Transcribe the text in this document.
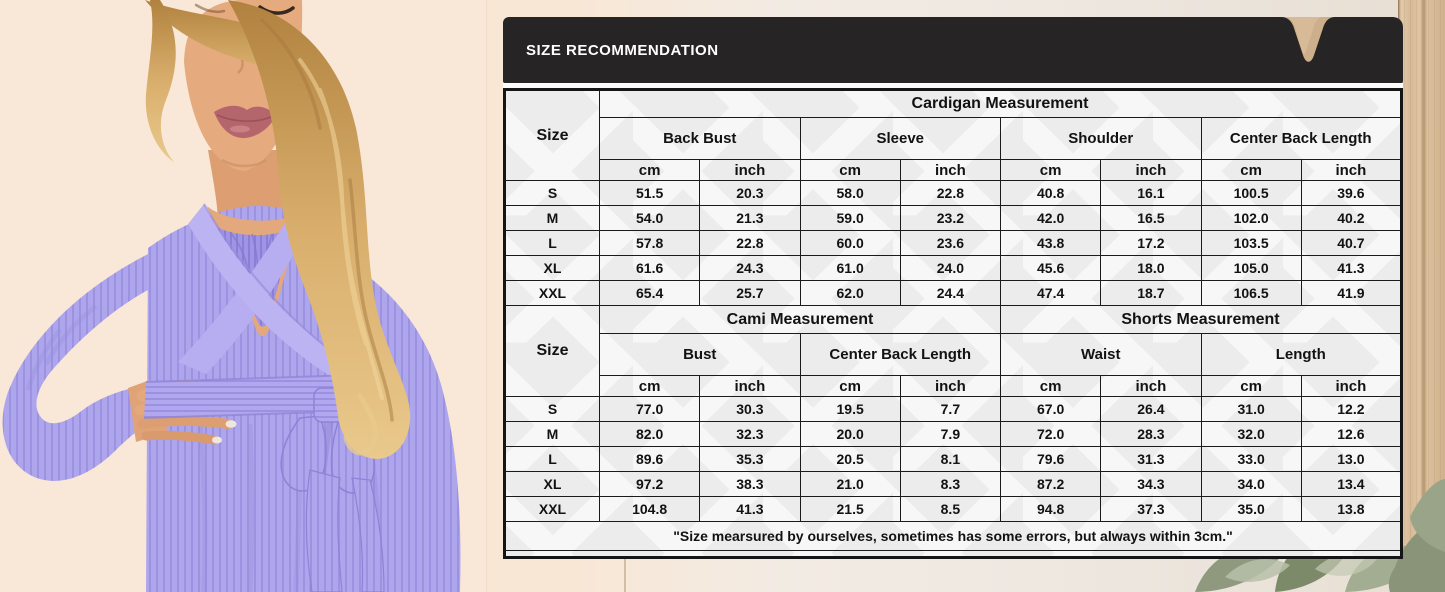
SIZE RECOMMENDATION
Size	Cardigan Measurement							
	Back Bust		Sleeve		Shoulder		Center Back Length	
	cm	inch	cm	inch	cm	inch	cm	inch
S	51.5	20.3	58.0	22.8	40.8	16.1	100.5	39.6
M	54.0	21.3	59.0	23.2	42.0	16.5	102.0	40.2
L	57.8	22.8	60.0	23.6	43.8	17.2	103.5	40.7
XL	61.6	24.3	61.0	24.0	45.6	18.0	105.0	41.3
XXL	65.4	25.7	62.0	24.4	47.4	18.7	106.5	41.9
Size	Cami Measurement				Shorts Measurement			
	Bust		Center Back Length		Waist		Length	
	cm	inch	cm	inch	cm	inch	cm	inch
S	77.0	30.3	19.5	7.7	67.0	26.4	31.0	12.2
M	82.0	32.3	20.0	7.9	72.0	28.3	32.0	12.6
L	89.6	35.3	20.5	8.1	79.6	31.3	33.0	13.0
XL	97.2	38.3	21.0	8.3	87.2	34.3	34.0	13.4
XXL	104.8	41.3	21.5	8.5	94.8	37.3	35.0	13.8
"Size mearsured by ourselves, sometimes has some errors, but always within 3cm."								
